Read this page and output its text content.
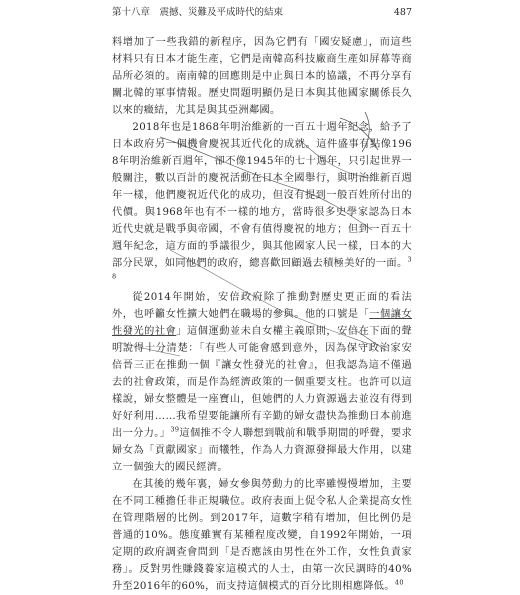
第十八章　震撼、災難及平成時代的結束	487

料增加了一些我錯的新程序，因為它們有「國安疑慮」，而這些材料只有日本才能生產，它們是南韓高科技廠商生產如屏幕等商品所必須的。南南韓的回應則是中止與日本的協議，不再分享有關北韓的軍事情報。歷史問題明顯仍是日本與其他國家關係長久以來的癥結，尤其是與其亞洲鄰國。

2018年也是1868年明治維新的一百五十週年紀念，給予了日本政府另一個機會慶祝其近代化的成就。這件盛事有點像1968年明治維新百週年，卻不像1945年的七十週年，只引起世界一般關注，數以百計的慶祝活動在日本全國舉行，與明治維新百週年一樣，他們慶祝近代化的成功，但沒有提到一般百姓所付出的代價。與1968年也有不一樣的地方，當時很多史學家認為日本近代史就是戰爭與帝國，不會有值得慶祝的地方；但到一百五十週年紀念，這方面的爭議很少，與其他國家人民一樣，日本的大部分民眾，如同他們的政府，總喜歡回顧過去積極美好的一面。$^{38}$

從2014年開始，安倍政府除了推動對歷史更正面的看法外，也呼籲女性擴大她們在職場的參與。他的口號是「一個讓女性發光的社會」這個運動並未自女權主義原則，安倍在下面的聲明說得十分清楚：「有些人可能會感到意外，因為保守政治家安倍晉三正在推動一個『讓女性發光的社會』，但我認為這不僅過去的社會政策，而是作為經濟政策的一個重要支柱。也許可以這樣說，婦女整體是一座寶山，但她們的人力資源過去並沒有得到好好利用……我希望要能讓所有辛勤的婦女盡快為推動日本前進出一分力。」$^{39}$這個推不令人聯想到戰前和戰爭期間的呼聲，要求婦女為「貢獻國家」而犧牲，作為人力資源發揮最大作用，以建立一個強大的國民經濟。

在其後的幾年裏，婦女參與勞動力的比率雖慢慢增加，主要在不同工種擔任非正規職位。政府表面上促令私人企業提高女性在管理階層的比例。到2017年，這數字稍有增加，但比例仍是普通的10%。態度雖實有某種程度改變，自1992年開始，一項定期的政府調查會問到「是否應該由男性在外工作，女性負責家務」。反對男性賺錢養家這模式的人士，由第一次民調時的40%升至2016年的60%，而支持這個模式的百分比則相應降低。$^{40}$
